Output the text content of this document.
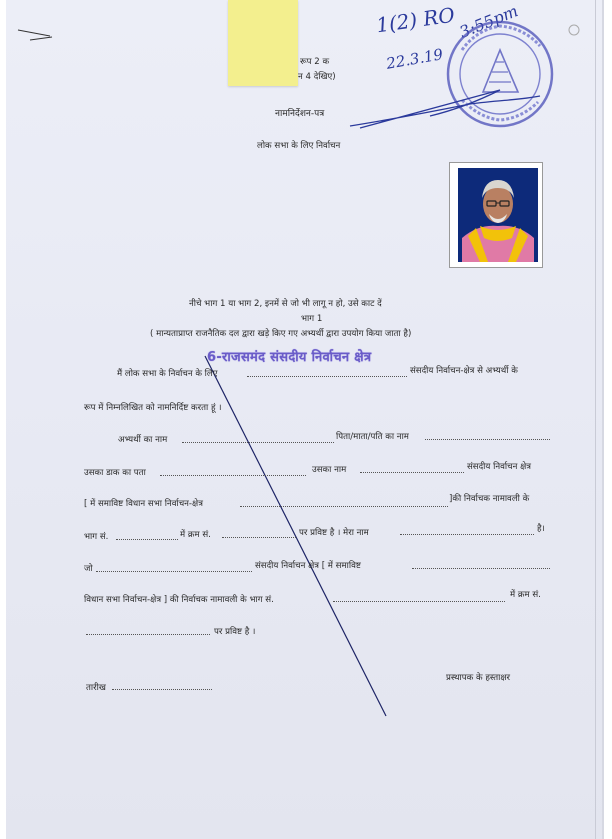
रूप 2 क
न 4 देखिए)
नामनिर्देशन-पत्र
लोक सभा के लिए निर्वाचन
1(2) RO
22.3.19
3:55pm
नीचे भाग 1 या भाग 2, इनमें से जो भी लागू न हो, उसे काट दें
भाग 1
( मान्यताप्राप्त राजनैतिक दल द्वारा खड़े किए गए अभ्यर्थी द्वारा उपयोग किया जाता है)
6-राजसमंद संसदीय निर्वाचन क्षेत्र
मैं लोक सभा के निर्वाचन के लिए	संसदीय निर्वाचन-क्षेत्र से अभ्यर्थी के
रूप में निम्नलिखित को नामनिर्दिष्ट करता हूं ।
अभ्यर्थी का नाम	पिता/माता/पति का नाम
उसका डाक का पता	उसका नाम	संसदीय निर्वाचन क्षेत्र
[ में समाविष्ट विधान सभा निर्वाचन-क्षेत्र	]की निर्वाचक नामावली के
भाग सं.	में क्रम सं.	पर प्रविष्ट है । मेरा नाम	है।
जो	संसदीय निर्वाचन क्षेत्र [ में समाविष्ट
विधान सभा निर्वाचन-क्षेत्र ] की निर्वाचक नामावली के भाग सं.	में क्रम सं.
पर प्रविष्ट है ।
तारीख
प्रस्थापक के हस्ताक्षर
